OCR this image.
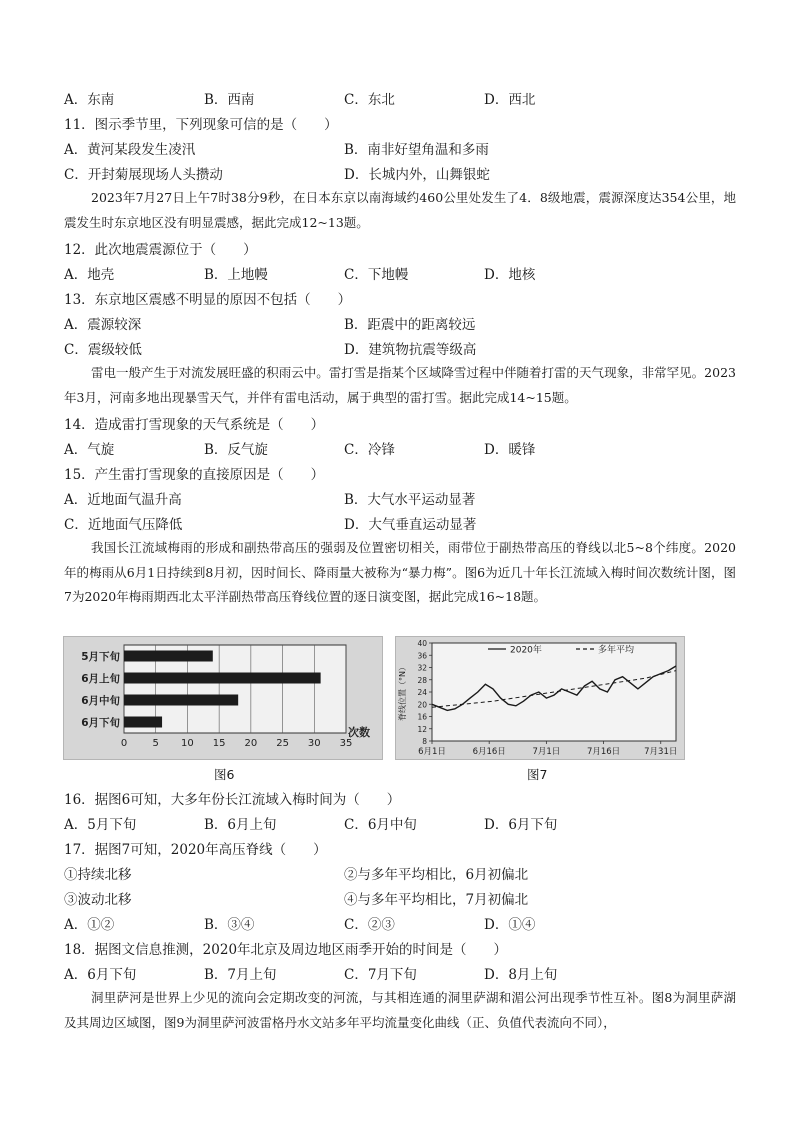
A．东南	B．西南	C．东北	D．西北
11．图示季节里，下列现象可信的是（　　）
A．黄河某段发生凌汛	B．南非好望角温和多雨
C．开封菊展现场人头攒动	D．长城内外，山舞银蛇
2023年7月27日上午7时38分9秒，在日本东京以南海域约460公里处发生了4．8级地震，震源深度达354公里，地震发生时东京地区没有明显震感，据此完成12~13题。
12．此次地震震源位于（　　）
A．地壳	B．上地幔	C．下地幔	D．地核
13．东京地区震感不明显的原因不包括（　　）
A．震源较深	B．距震中的距离较远
C．震级较低	D．建筑物抗震等级高
雷电一般产生于对流发展旺盛的积雨云中。雷打雪是指某个区域降雪过程中伴随着打雷的天气现象，非常罕见。2023年3月，河南多地出现暴雪天气，并伴有雷电活动，属于典型的雷打雪。据此完成14~15题。
14．造成雷打雪现象的天气系统是（　　）
A．气旋	B．反气旋	C．冷锋	D．暖锋
15．产生雷打雪现象的直接原因是（　　）
A．近地面气温升高	B．大气水平运动显著
C．近地面气压降低	D．大气垂直运动显著
我国长江流域梅雨的形成和副热带高压的强弱及位置密切相关，雨带位于副热带高压的脊线以北5~8个纬度。2020年的梅雨从6月1日持续到8月初，因时间长、降雨量大被称为“暴力梅”。图6为近几十年长江流域入梅时间次数统计图，图7为2020年梅雨期西北太平洋副热带高压脊线位置的逐日演变图，据此完成16~18题。
0	5 10 15 20 25 30 35
次数
5月下旬
6月上旬
6月中旬
6月下旬
图6
40
36
32
28
24
20
16
12
8
6月1日	6月16日	7月1日	7月16日	7月31日
脊线位置（°N）
2020年	多年平均
图7
16．据图6可知，大多年份长江流域入梅时间为（　　）
A．5月下旬	B．6月上旬	C．6月中旬	D．6月下旬
17．据图7可知，2020年高压脊线（　　）
①持续北移	②与多年平均相比，6月初偏北
③波动北移	④与多年平均相比，7月初偏北
A．①②	B．③④	C．②③	D．①④
18．据图文信息推测，2020年北京及周边地区雨季开始的时间是（　　）
A．6月下旬	B．7月上旬	C．7月下旬	D．8月上旬
洞里萨河是世界上少见的流向会定期改变的河流，与其相连通的洞里萨湖和湄公河出现季节性互补。图8为洞里萨湖及其周边区域图，图9为洞里萨河波雷格丹水文站多年平均流量变化曲线（正、负值代表流向不同），
